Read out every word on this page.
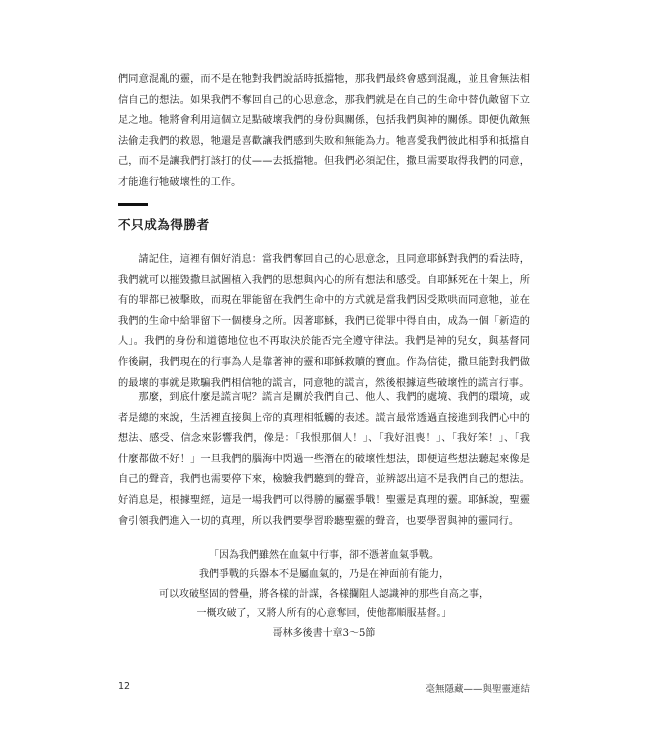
們同意混亂的靈，而不是在牠對我們說話時抵擋牠，那我們最終會感到混亂，並且會無法相信自己的想法。如果我們不奪回自己的心思意念，那我們就是在自己的生命中替仇敵留下立足之地。牠將會利用這個立足點破壞我們的身份與關係，包括我們與神的關係。即便仇敵無法偷走我們的救恩，牠還是喜歡讓我們感到失敗和無能為力。牠喜愛我們彼此相爭和抵擋自己，而不是讓我們打該打的仗——去抵擋牠。但我們必須記住，撒旦需要取得我們的同意，才能進行牠破壞性的工作。

不只成為得勝者

請記住，這裡有個好消息：當我們奪回自己的心思意念，且同意耶穌對我們的看法時，我們就可以摧毀撒旦試圖植入我們的思想與內心的所有想法和感受。自耶穌死在十架上，所有的罪都已被擊敗，而現在罪能留在我們生命中的方式就是當我們因受欺哄而同意牠，並在我們的生命中給罪留下一個棲身之所。因著耶穌，我們已從罪中得自由，成為一個「新造的人」。我們的身份和道德地位也不再取決於能否完全遵守律法。我們是神的兒女，與基督同作後嗣，我們現在的行事為人是靠著神的靈和耶穌救贖的寶血。作為信徒，撒旦能對我們做的最壞的事就是欺騙我們相信牠的謊言，同意牠的謊言，然後根據這些破壞性的謊言行事。

那麼，到底什麼是謊言呢？謊言是關於我們自己、他人、我們的處境、我們的環境，或者是總的來說，生活裡直接與上帝的真理相牴觸的表述。謊言最常透過直接進到我們心中的想法、感受、信念來影響我們，像是：「我恨那個人！」、「我好沮喪！」、「我好笨！」、「我什麼都做不好！」一旦我們的腦海中閃過一些潛在的破壞性想法，即便這些想法聽起來像是自己的聲音，我們也需要停下來，檢驗我們聽到的聲音，並辨認出這不是我們自己的想法。好消息是，根據聖經，這是一場我們可以得勝的屬靈爭戰！聖靈是真理的靈。耶穌說，聖靈會引領我們進入一切的真理，所以我們要學習聆聽聖靈的聲音，也要學習與神的靈同行。

「因為我們雖然在血氣中行事，卻不憑著血氣爭戰。
我們爭戰的兵器本不是屬血氣的，乃是在神面前有能力，
可以攻破堅固的營壘，將各樣的計謀，各樣攔阻人認識神的那些自高之事，
一概攻破了，又將人所有的心意奪回，使他都順服基督。」
哥林多後書十章3～5節

12	毫無隱藏——與聖靈連結
